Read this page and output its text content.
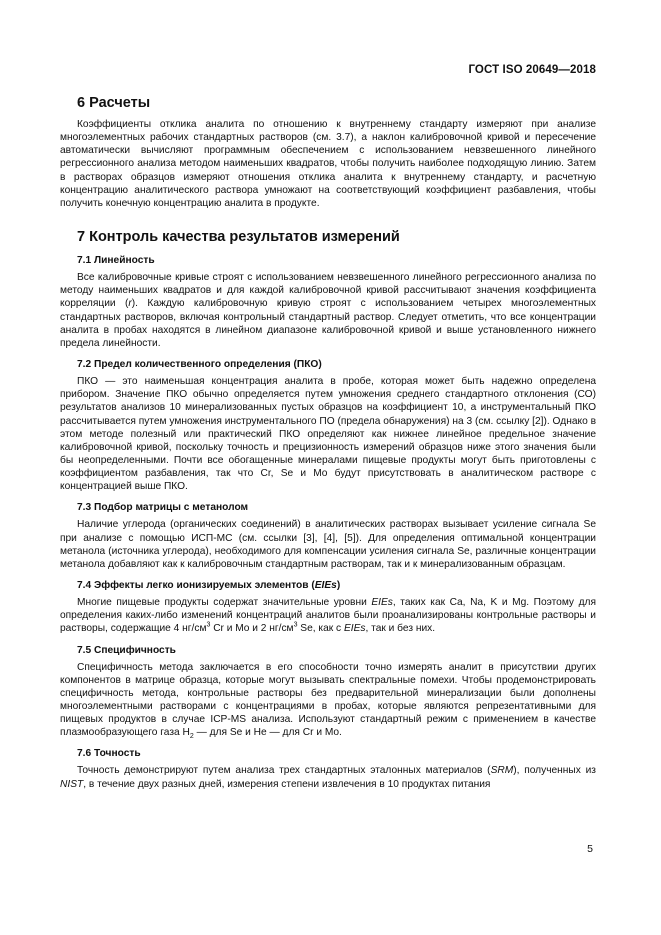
ГОСТ ISO 20649—2018
6 Расчеты

Коэффициенты отклика аналита по отношению к внутреннему стандарту измеряют при анализе многоэлементных рабочих стандартных растворов (см. 3.7), а наклон калибровочной кривой и пересечение автоматически вычисляют программным обеспечением с использованием невзвешенного линейного регрессионного анализа методом наименьших квадратов, чтобы получить наиболее подходящую линию. Затем в растворах образцов измеряют отношения отклика аналита к внутреннему стандарту, и расчетную концентрацию аналитического раствора умножают на соответствующий коэффициент разбавления, чтобы получить конечную концентрацию аналита в продукте.

7 Контроль качества результатов измерений
7.1 Линейность

Все калибровочные кривые строят с использованием невзвешенного линейного регрессионного анализа по методу наименьших квадратов и для каждой калибровочной кривой рассчитывают значения коэффициента корреляции (r). Каждую калибровочную кривую строят с использованием четырех многоэлементных стандартных растворов, включая контрольный стандартный раствор. Следует отметить, что все концентрации аналита в пробах находятся в линейном диапазоне калибровочной кривой и выше установленного нижнего предела линейности.

7.2 Предел количественного определения (ПКО)

ПКО — это наименьшая концентрация аналита в пробе, которая может быть надежно определена прибором. Значение ПКО обычно определяется путем умножения среднего стандартного отклонения (СО) результатов анализов 10 минерализованных пустых образцов на коэффициент 10, а инструментальный ПКО рассчитывается путем умножения инструментального ПО (предела обнаружения) на 3 (см. ссылку [2]). Однако в этом методе полезный или практический ПКО определяют как нижнее линейное предельное значение калибровочной кривой, поскольку точность и прецизионность измерений образцов ниже этого значения были бы неопределенными. Почти все обогащенные минералами пищевые продукты могут быть приготовлены с коэффициентом разбавления, так что Cr, Se и Mo будут присутствовать в аналитическом растворе с концентрацией выше ПКО.

7.3 Подбор матрицы с метанолом

Наличие углерода (органических соединений) в аналитических растворах вызывает усиление сигнала Se при анализе с помощью ИСП-МС (см. ссылки [3], [4], [5]). Для определения оптимальной концентрации метанола (источника углерода), необходимого для компенсации усиления сигнала Se, различные концентрации метанола добавляют как к калибровочным стандартным растворам, так и к минерализованным образцам.

7.4 Эффекты легко ионизируемых элементов (EIEs)

Многие пищевые продукты содержат значительные уровни EIEs, таких как Ca, Na, K и Mg. Поэтому для определения каких-либо изменений концентраций аналитов были проанализированы контрольные растворы и растворы, содержащие 4 $нг/см^3$ Cr и Mo и 2 $нг/см^3$ Se, как с EIEs, так и без них.

7.5 Специфичность

Специфичность метода заключается в его способности точно измерять аналит в присутствии других компонентов в матрице образца, которые могут вызывать спектральные помехи. Чтобы продемонстрировать специфичность метода, контрольные растворы без предварительной минерализации были дополнены многоэлементными растворами с концентрациями в пробах, которые являются репрезентативными для пищевых продуктов в случае ICP-MS анализа. Используют стандартный режим с применением в качестве плазмообразующего газа $H_2$ — для Se и He — для Cr и Mo.

7.6 Точность

Точность демонстрируют путем анализа трех стандартных эталонных материалов (SRM), полученных из NIST, в течение двух разных дней, измерения степени извлечения в 10 продуктах питания

5
